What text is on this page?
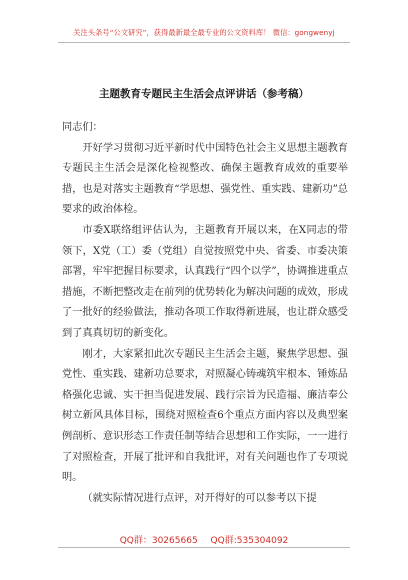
关注头条号“公文研究”，获得最新最全最专业的公文资料库！ 微信：gongwenyj
主题教育专题民主生活会点评讲话（参考稿）

同志们：

开好学习贯彻习近平新时代中国特色社会主义思想主题教育专题民主生活会是深化检视整改、确保主题教育成效的重要举措，也是对落实主题教育“学思想、强党性、重实践、建新功”总要求的政治体检。

市委X联络组评估认为，主题教育开展以来，在X同志的带领下，X党（工）委（党组）自觉按照党中央、省委、市委决策部署，牢牢把握目标要求，认真践行“四个以学”，协调推进重点措施，不断把整改走在前列的优势转化为解决问题的成效，形成了一批好的经验做法，推动各项工作取得新进展，也让群众感受到了真真切切的新变化。

刚才，大家紧扣此次专题民主生活会主题，聚焦学思想、强党性、重实践、建新功总要求，对照凝心铸魂筑牢根本、锤炼品格强化忠诚、实干担当促进发展、践行宗旨为民造福、廉洁奉公树立新风具体目标，围绕对照检查6个重点方面内容以及典型案例剖析、意识形态工作责任制等结合思想和工作实际，一一进行了对照检查，开展了批评和自我批评，对有关问题也作了专项说明。

（就实际情况进行点评，对开得好的可以参考以下提

QQ群：30265665 QQ群:535304092
